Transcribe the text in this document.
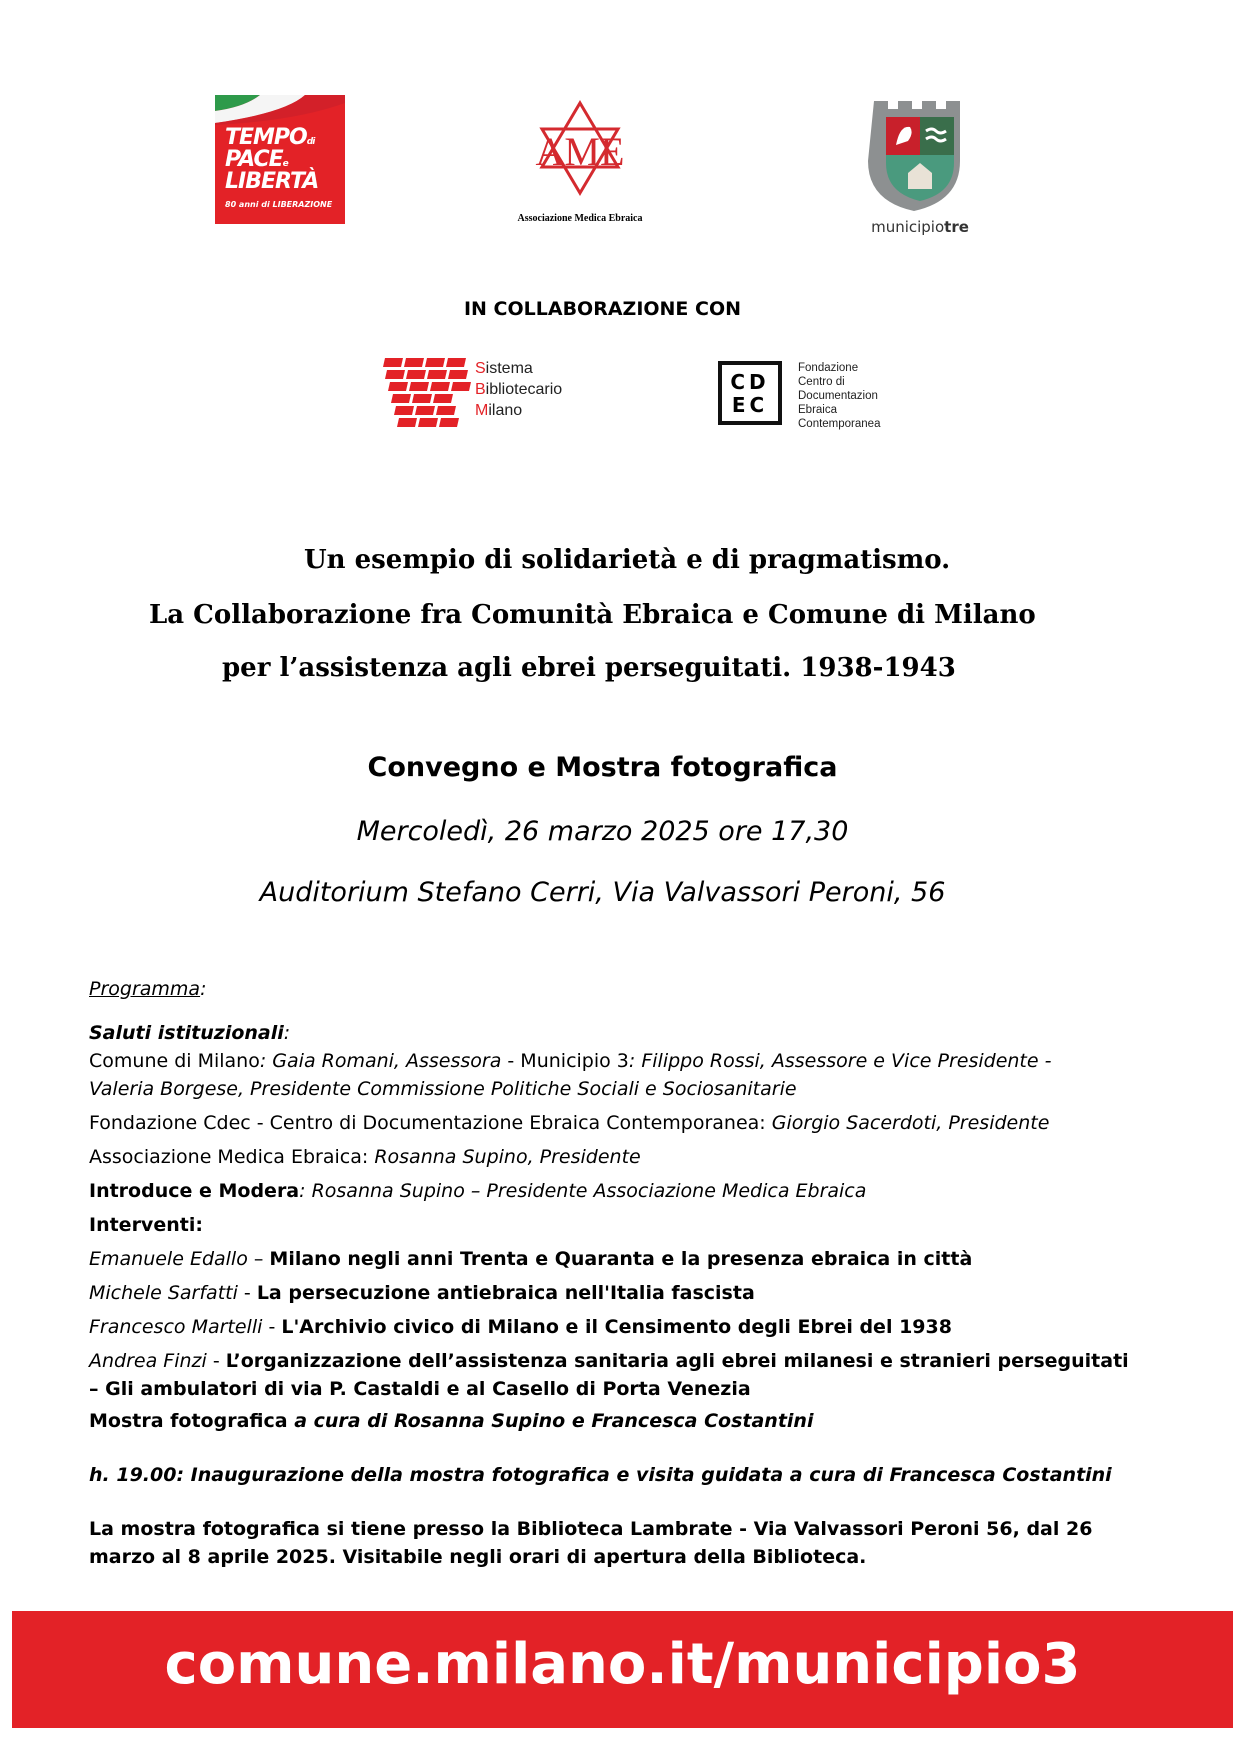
TEMPOdi
PACEe
LIBERTÀ
80 anni di LIBERAZIONE
AME
Associazione Medica Ebraica	municipiotre
IN COLLABORAZIONE CON
Sistema
Bibliotecario
Milano
CD EC
Fondazione
Centro di
Documentazion
Ebraica
Contemporanea
Un esempio di solidarietà e di pragmatismo.
La Collaborazione fra Comunità Ebraica e Comune di Milano
per l’assistenza agli ebrei perseguitati. 1938-1943
Convegno e Mostra fotografica
Mercoledì, 26 marzo 2025 ore 17,30
Auditorium Stefano Cerri, Via Valvassori Peroni, 56

Programma:

Saluti istituzionali:

Comune di Milano: Gaia Romani, Assessora - Municipio 3: Filippo Rossi, Assessore e Vice Presidente -

Valeria Borgese, Presidente Commissione Politiche Sociali e Sociosanitarie

Fondazione Cdec - Centro di Documentazione Ebraica Contemporanea: Giorgio Sacerdoti, Presidente

Associazione Medica Ebraica: Rosanna Supino, Presidente

Introduce e Modera: Rosanna Supino – Presidente Associazione Medica Ebraica

Interventi:

Emanuele Edallo – Milano negli anni Trenta e Quaranta e la presenza ebraica in città

Michele Sarfatti - La persecuzione antiebraica nell'Italia fascista

Francesco Martelli - L'Archivio civico di Milano e il Censimento degli Ebrei del 1938

Andrea Finzi - L’organizzazione dell’assistenza sanitaria agli ebrei milanesi e stranieri perseguitati – Gli ambulatori di via P. Castaldi e al Casello di Porta Venezia

Mostra fotografica a cura di Rosanna Supino e Francesca Costantini

h. 19.00: Inaugurazione della mostra fotografica e visita guidata a cura di Francesca Costantini

La mostra fotografica si tiene presso la Biblioteca Lambrate - Via Valvassori Peroni 56, dal 26 marzo al 8 aprile 2025. Visitabile negli orari di apertura della Biblioteca.

comune.milano.it/municipio3
